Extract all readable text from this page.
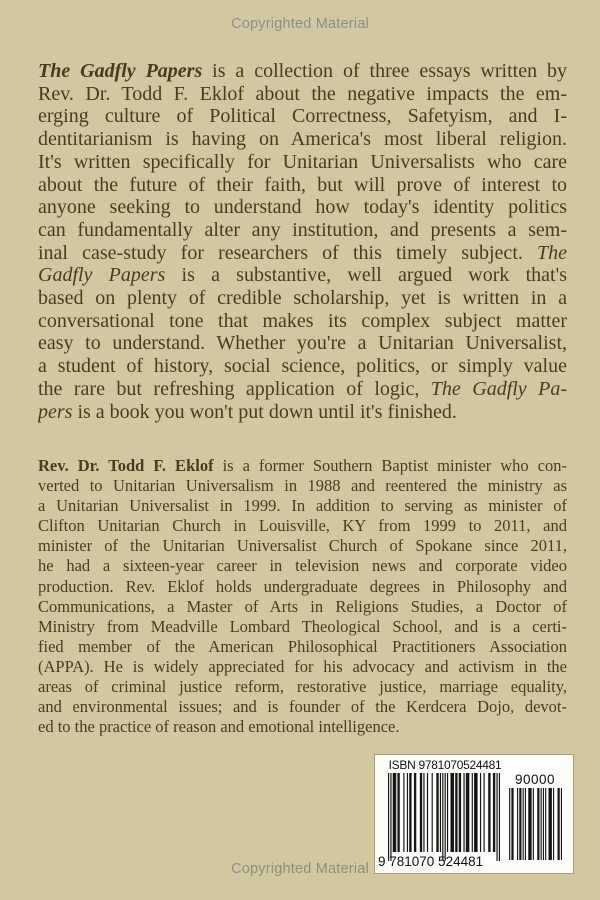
Copyrighted Material
The Gadfly Papers is a collection of three essays written by
Rev. Dr. Todd F. Eklof about the negative impacts the em-
erging culture of Political Correctness, Safetyism, and I-
dentitarianism is having on America's most liberal religion.
It's written specifically for Unitarian Universalists who care
about the future of their faith, but will prove of interest to
anyone seeking to understand how today's identity politics
can fundamentally alter any institution, and presents a sem-
inal case-study for researchers of this timely subject. The
Gadfly Papers is a substantive, well argued work that's
based on plenty of credible scholarship, yet is written in a
conversational tone that makes its complex subject matter
easy to understand. Whether you're a Unitarian Universalist,
a student of history, social science, politics, or simply value
the rare but refreshing application of logic, The Gadfly Pa-
pers is a book you won't put down until it's finished.
Rev. Dr. Todd F. Eklof is a former Southern Baptist minister who con-
verted to Unitarian Universalism in 1988 and reentered the ministry as
a Unitarian Universalist in 1999. In addition to serving as minister of
Clifton Unitarian Church in Louisville, KY from 1999 to 2011, and
minister of the Unitarian Universalist Church of Spokane since 2011,
he had a sixteen-year career in television news and corporate video
production. Rev. Eklof holds undergraduate degrees in Philosophy and
Communications, a Master of Arts in Religions Studies, a Doctor of
Ministry from Meadville Lombard Theological School, and is a certi-
fied member of the American Philosophical Practitioners Association
(APPA). He is widely appreciated for his advocacy and activism in the
areas of criminal justice reform, restorative justice, marriage equality,
and environmental issues; and is founder of the Kerdcera Dojo, devot-
ed to the practice of reason and emotional intelligence.
ISBN 9781070524481
9 781070 524481
90000
Copyrighted Material
